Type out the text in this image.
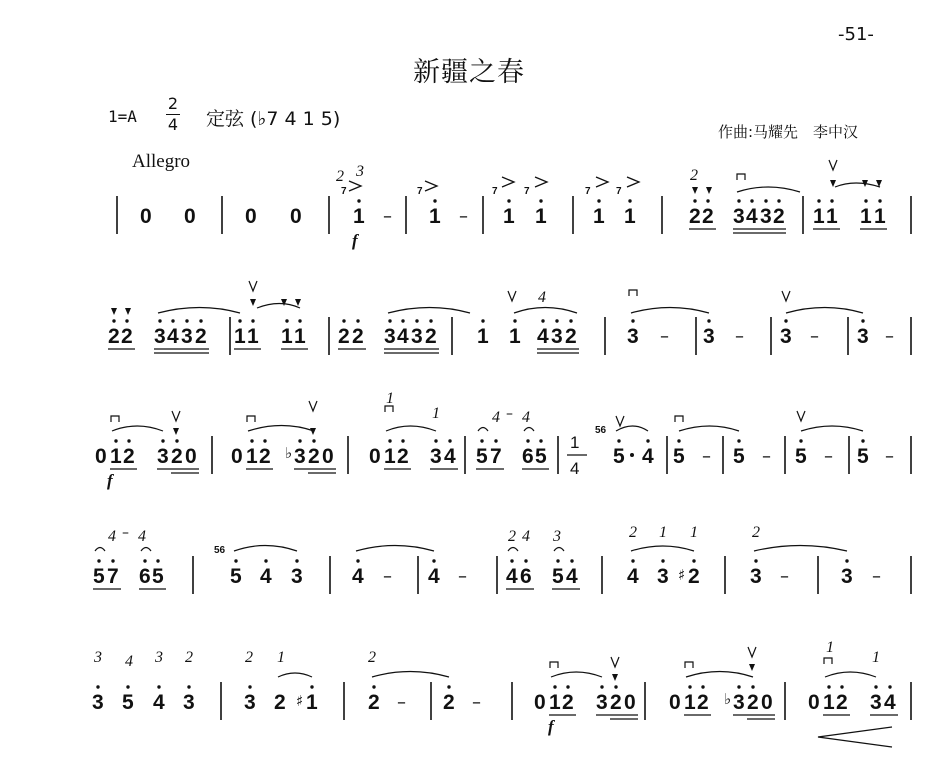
-51-
新疆之春
1=A
2
4 定弦 (♭7 4 1 5)
作曲:马耀先　李中汉
Allegro
0 0 0 0 1 – 1 – 1 1 1 1	2 2 3 4 3 2 1 1 1 1
7	7	7	7	7	7
2 3	2
f
2 2 3 4 3 2 1 1 1 1 2 2 3 4 3 2 1 1 4 3 2 3 – 3 – 3 – 3 –
4
0 1 2 3 2 0 0 1 2 ♭ 3 2 0 0 1 2 3 4 5 7 6 5
1
4
56
5 4 5 – 5 – 5 – 5 –
1
1	4 – 4
f
5 7 6 5
56
5 4 3 4 – 4 – 4 6 5 4 4 3 ♯ 2 3 – 3 –
4 – 4	2 4 3	2 1 1	2
3 5 4 3 3 2 ♯ 1 2 – 2 –	0 1 2 3 2 0 0 1 2 ♭ 3 2 0 0 1 2 3 4
3 4 3 2	2 1	2
1
1
f
